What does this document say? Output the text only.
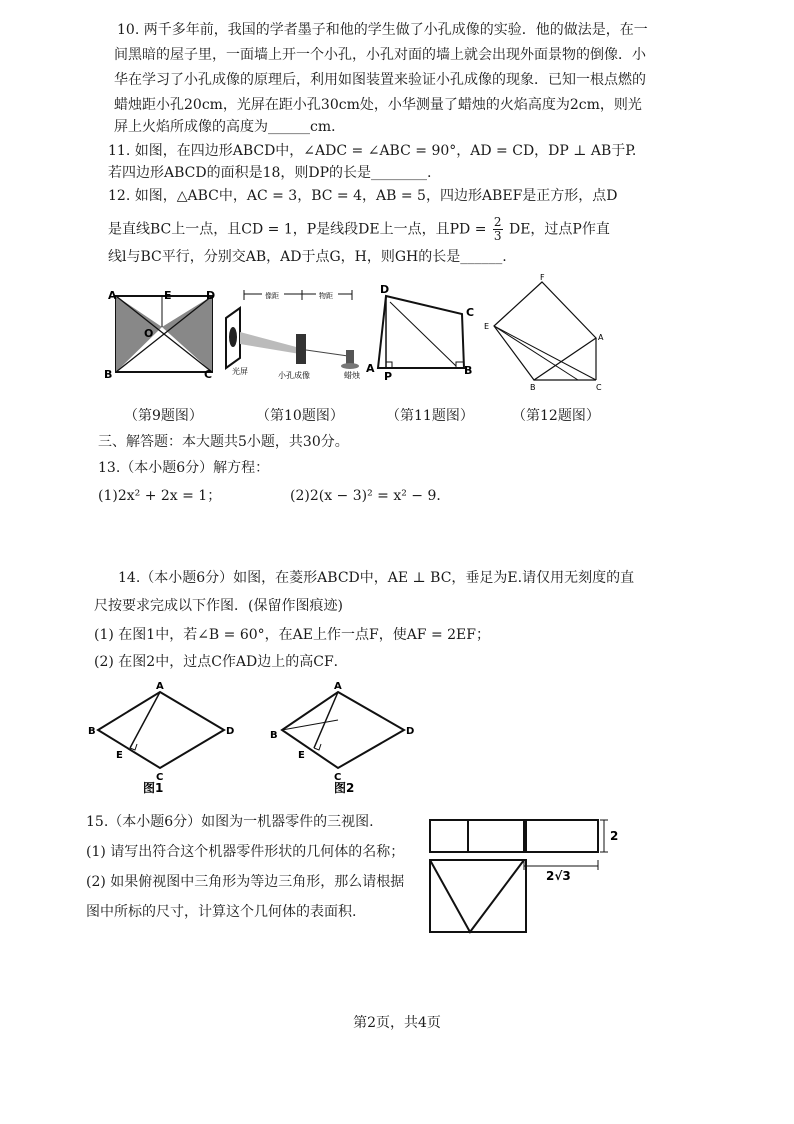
10. 两千多年前，我国的学者墨子和他的学生做了小孔成像的实验．他的做法是，在一
间黑暗的屋子里，一面墙上开一个小孔，小孔对面的墙上就会出现外面景物的倒像．小
华在学习了小孔成像的原理后，利用如图装置来验证小孔成像的现象．已知一根点燃的
蜡烛距小孔20cm，光屏在距小孔30cm处，小华测量了蜡烛的火焰高度为2cm，则光
屏上火焰所成像的高度为______cm．
11. 如图，在四边形ABCD中，∠ADC = ∠ABC = 90°，AD = CD，DP ⊥ AB于P.
若四边形ABCD的面积是18，则DP的长是________.
12. 如图，△ABC中，AC = 3，BC = 4，AB = 5，四边形ABEF是正方形，点D
是直线BC上一点，且CD = 1，P是线段DE上一点，且PD = $\frac{2}{3}$ DE，过点P作直
线l与BC平行，分别交AB，AD于点G，H，则GH的长是______.
A	E	D
O
B	C
像距	物距
光屏	小孔成像	蜡烛
D
C
A
P	B
F
E
A
C
B
（第9题图）	（第10题图）	（第11题图）	（第12题图）
三、解答题：本大题共5小题，共30分。
13.（本小题6分）解方程：
(1)2x² + 2x = 1；	(2)2(x − 3)² = x² − 9．
14.（本小题6分）如图，在菱形ABCD中，AE ⊥ BC，垂足为E.请仅用无刻度的直
尺按要求完成以下作图．(保留作图痕迹)
(1) 在图1中，若∠B = 60°，在AE上作一点F，使AF = 2EF；
(2) 在图2中，过点C作AD边上的高CF．
A
B
E
C
D
图1
A
B
E
C
D
图2
15.（本小题6分）如图为一机器零件的三视图.
(1) 请写出符合这个机器零件形状的几何体的名称；
(2) 如果俯视图中三角形为等边三角形，那么请根据
图中所标的尺寸，计算这个几何体的表面积.
2
2√3
第2页，共4页
